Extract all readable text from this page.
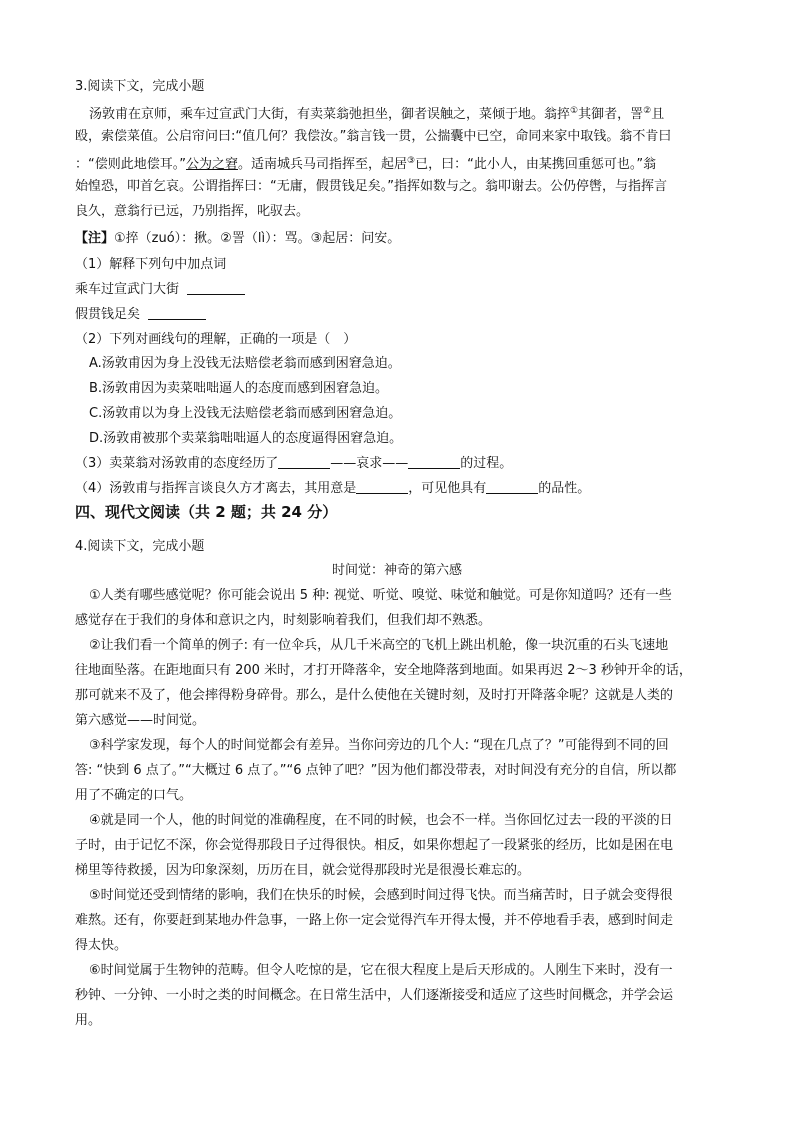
3.阅读下文，完成小题
汤敦甫在京师，乘车过宣武门大街，有卖菜翁弛担坐，御者误触之，菜倾于地。翁捽①其御者，詈②且
殴，索偿菜值。公启帘问曰:“值几何？我偿汝。”翁言钱一贯，公揣囊中已空，命同来家中取钱。翁不肯曰
：“偿则此地偿耳。”公为之窘。适南城兵马司指挥至，起居③已，曰：“此小人，由某携回重惩可也。”翁
始惶恐，叩首乞哀。公谓指挥曰：“无庸，假贯钱足矣。”指挥如数与之。翁叩谢去。公仍停辔，与指挥言
良久，意翁行已远，乃别指挥，叱驭去。
【注】①捽（zuó）：揪。②詈（lì）：骂。③起居：问安。
（1）解释下列句中加点词
乘车过宣武门大街
假贯钱足矣
（2）下列对画线句的理解，正确的一项是（　）
A.汤敦甫因为身上没钱无法赔偿老翁而感到困窘急迫。
B.汤敦甫因为卖菜咄咄逼人的态度而感到困窘急迫。
C.汤敦甫以为身上没钱无法赔偿老翁而感到困窘急迫。
D.汤敦甫被那个卖菜翁咄咄逼人的态度逼得困窘急迫。
（3）卖菜翁对汤敦甫的态度经历了	——哀求——	的过程。
（4）汤敦甫与指挥言谈良久方才离去，其用意是	，可见他具有	的品性。
四、现代文阅读（共 2 题；共 24 分）
4.阅读下文，完成小题
时间觉：神奇的第六感
①人类有哪些感觉呢？你可能会说出 5 种: 视觉、听觉、嗅觉、味觉和触觉。可是你知道吗？还有一些
感觉存在于我们的身体和意识之内，时刻影响着我们，但我们却不熟悉。
②让我们看一个简单的例子: 有一位伞兵，从几千米高空的飞机上跳出机舱，像一块沉重的石头飞速地
往地面坠落。在距地面只有 200 米时，才打开降落伞，安全地降落到地面。如果再迟 2～3 秒钟开伞的话，
那可就来不及了，他会摔得粉身碎骨。那么，是什么使他在关键时刻，及时打开降落伞呢？这就是人类的
第六感觉——时间觉。
③科学家发现，每个人的时间觉都会有差异。当你问旁边的几个人: “现在几点了？”可能得到不同的回
答: “快到 6 点了。”“大概过 6 点了。”“6 点钟了吧？”因为他们都没带表，对时间没有充分的自信，所以都
用了不确定的口气。
④就是同一个人，他的时间觉的准确程度，在不同的时候，也会不一样。当你回忆过去一段的平淡的日
子时，由于记忆不深，你会觉得那段日子过得很快。相反，如果你想起了一段紧张的经历，比如是困在电
梯里等待救援，因为印象深刻，历历在目，就会觉得那段时光是很漫长难忘的。
⑤时间觉还受到情绪的影响，我们在快乐的时候，会感到时间过得飞快。而当痛苦时，日子就会变得很
难熬。还有，你要赶到某地办件急事，一路上你一定会觉得汽车开得太慢，并不停地看手表，感到时间走
得太快。
⑥时间觉属于生物钟的范畴。但令人吃惊的是，它在很大程度上是后天形成的。人刚生下来时，没有一
秒钟、一分钟、一小时之类的时间概念。在日常生活中，人们逐渐接受和适应了这些时间概念，并学会运
用。
